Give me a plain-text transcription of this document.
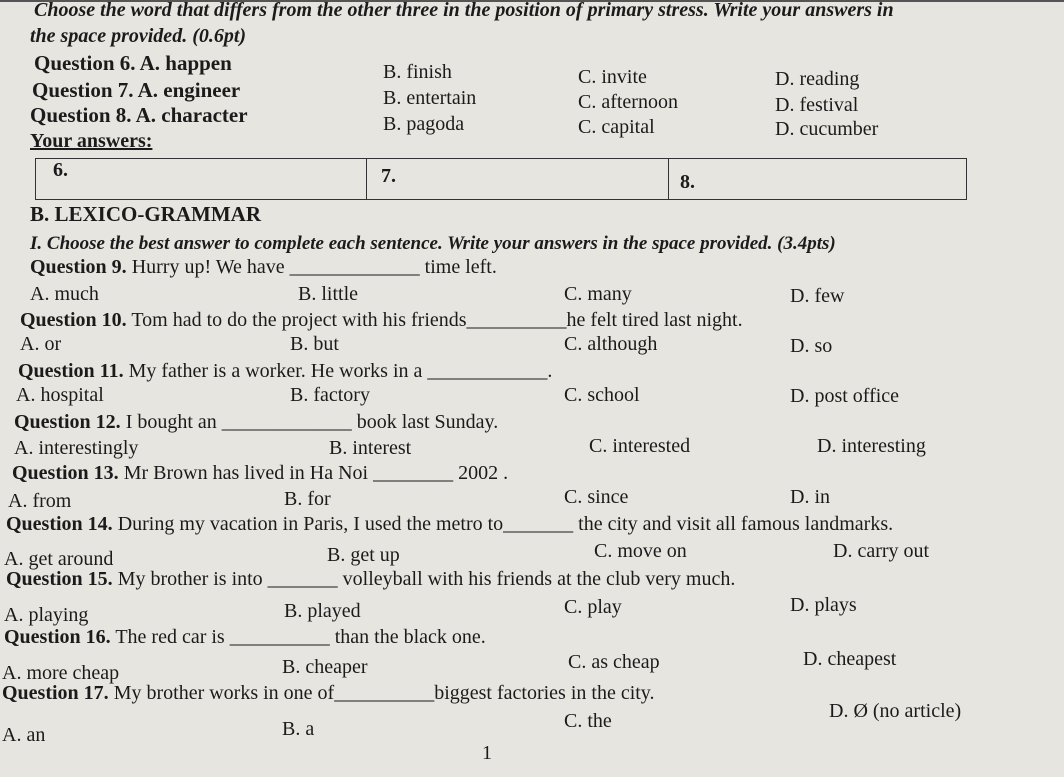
Choose the word that differs from the other three in the position of primary stress. Write your answers in
the space provided. (0.6pt)
Question 6. A. happen	B. finish	C. invite	D. reading
Question 7. A. engineer	B. entertain	C. afternoon	D. festival
Question 8. A. character	B. pagoda	C. capital	D. cucumber
Your answers:
6.	7.	8.
B. LEXICO-GRAMMAR
I. Choose the best answer to complete each sentence. Write your answers in the space provided. (3.4pts)
Question 9. Hurry up! We have _____________ time left.
A. much	B. little	C. many	D. few
Question 10. Tom had to do the project with his friends__________he felt tired last night.
A. or	B. but	C. although	D. so
Question 11. My father is a worker. He works in a ____________.
A. hospital	B. factory	C. school	D. post office
Question 12. I bought an _____________ book last Sunday.
A. interestingly	B. interest	C. interested	D. interesting
Question 13. Mr Brown has lived in Ha Noi ________ 2002 .
A. from	B. for	C. since	D. in
Question 14. During my vacation in Paris, I used the metro to_______ the city and visit all famous landmarks.
A. get around	B. get up	C. move on	D. carry out
Question 15. My brother is into _______ volleyball with his friends at the club very much.
A. playing	B. played	C. play	D. plays
Question 16. The red car is __________ than the black one.
A. more cheap	B. cheaper	C. as cheap	D. cheapest
Question 17. My brother works in one of__________biggest factories in the city.
A. an	B. a	C. the	D. Ø (no article)
1
